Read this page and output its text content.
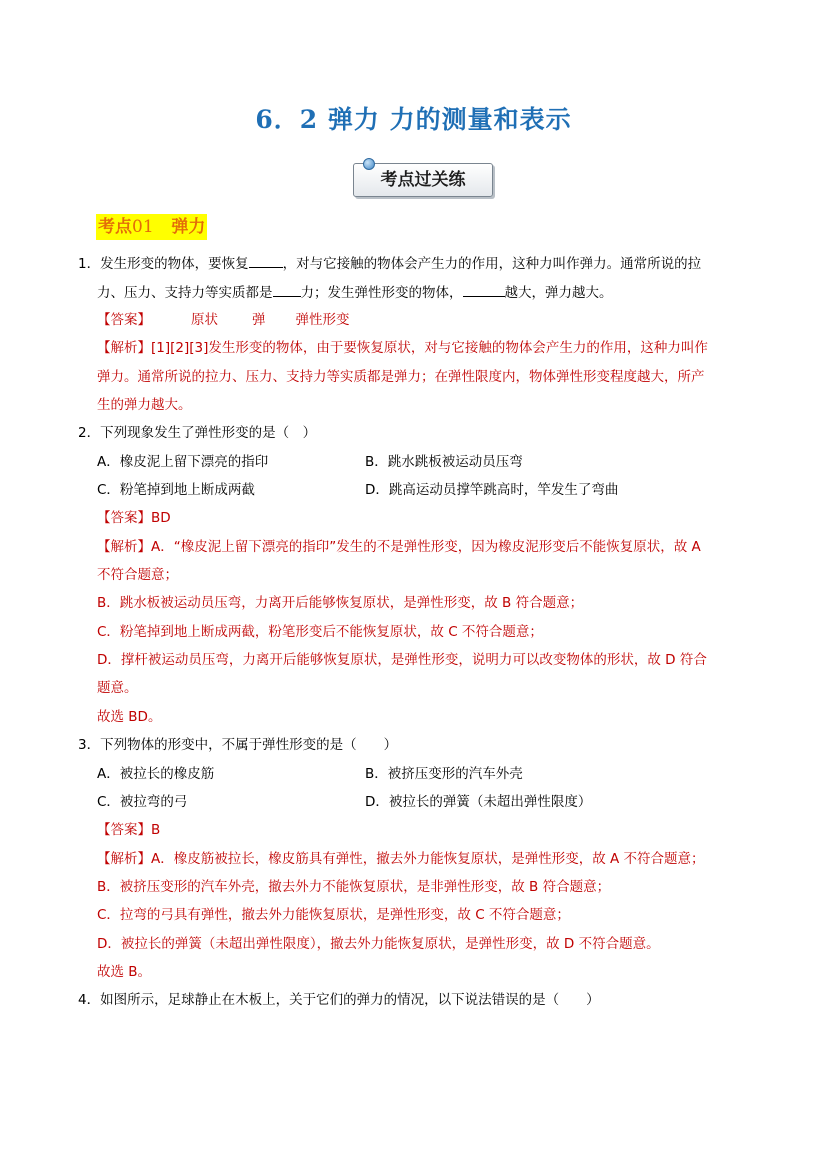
6．2 弹力 力的测量和表示
考点过关练
考点01 弹力
1．发生形变的物体，要恢复	，对与它接触的物体会产生力的作用，这种力叫作弹力。通常所说的拉
力、压力、支持力等实质都是 力；发生弹性形变的物体，	越大，弹力越大。
【答案】	原状	弹 弹性形变
【解析】[1][2][3]发生形变的物体，由于要恢复原状，对与它接触的物体会产生力的作用，这种力叫作
弹力。通常所说的拉力、压力、支持力等实质都是弹力；在弹性限度内，物体弹性形变程度越大，所产
生的弹力越大。
2．下列现象发生了弹性形变的是（　）
A．橡皮泥上留下漂亮的指印	B．跳水跳板被运动员压弯
C．粉笔掉到地上断成两截	D．跳高运动员撑竿跳高时，竿发生了弯曲
【答案】BD
【解析】A．“橡皮泥上留下漂亮的指印”发生的不是弹性形变，因为橡皮泥形变后不能恢复原状，故 A
不符合题意；
B．跳水板被运动员压弯，力离开后能够恢复原状，是弹性形变，故 B 符合题意；
C．粉笔掉到地上断成两截，粉笔形变后不能恢复原状，故 C 不符合题意；
D．撑杆被运动员压弯，力离开后能够恢复原状，是弹性形变，说明力可以改变物体的形状，故 D 符合
题意。
故选 BD。
3．下列物体的形变中，不属于弹性形变的是（　　）
A．被拉长的橡皮筋	B．被挤压变形的汽车外壳
C．被拉弯的弓	D．被拉长的弹簧（未超出弹性限度）
【答案】B
【解析】A．橡皮筋被拉长，橡皮筋具有弹性，撤去外力能恢复原状，是弹性形变，故 A 不符合题意；
B．被挤压变形的汽车外壳，撤去外力不能恢复原状，是非弹性形变，故 B 符合题意；
C．拉弯的弓具有弹性，撤去外力能恢复原状，是弹性形变，故 C 不符合题意；
D．被拉长的弹簧（未超出弹性限度），撤去外力能恢复原状，是弹性形变，故 D 不符合题意。
故选 B。
4．如图所示，足球静止在木板上，关于它们的弹力的情况，以下说法错误的是（　　）
